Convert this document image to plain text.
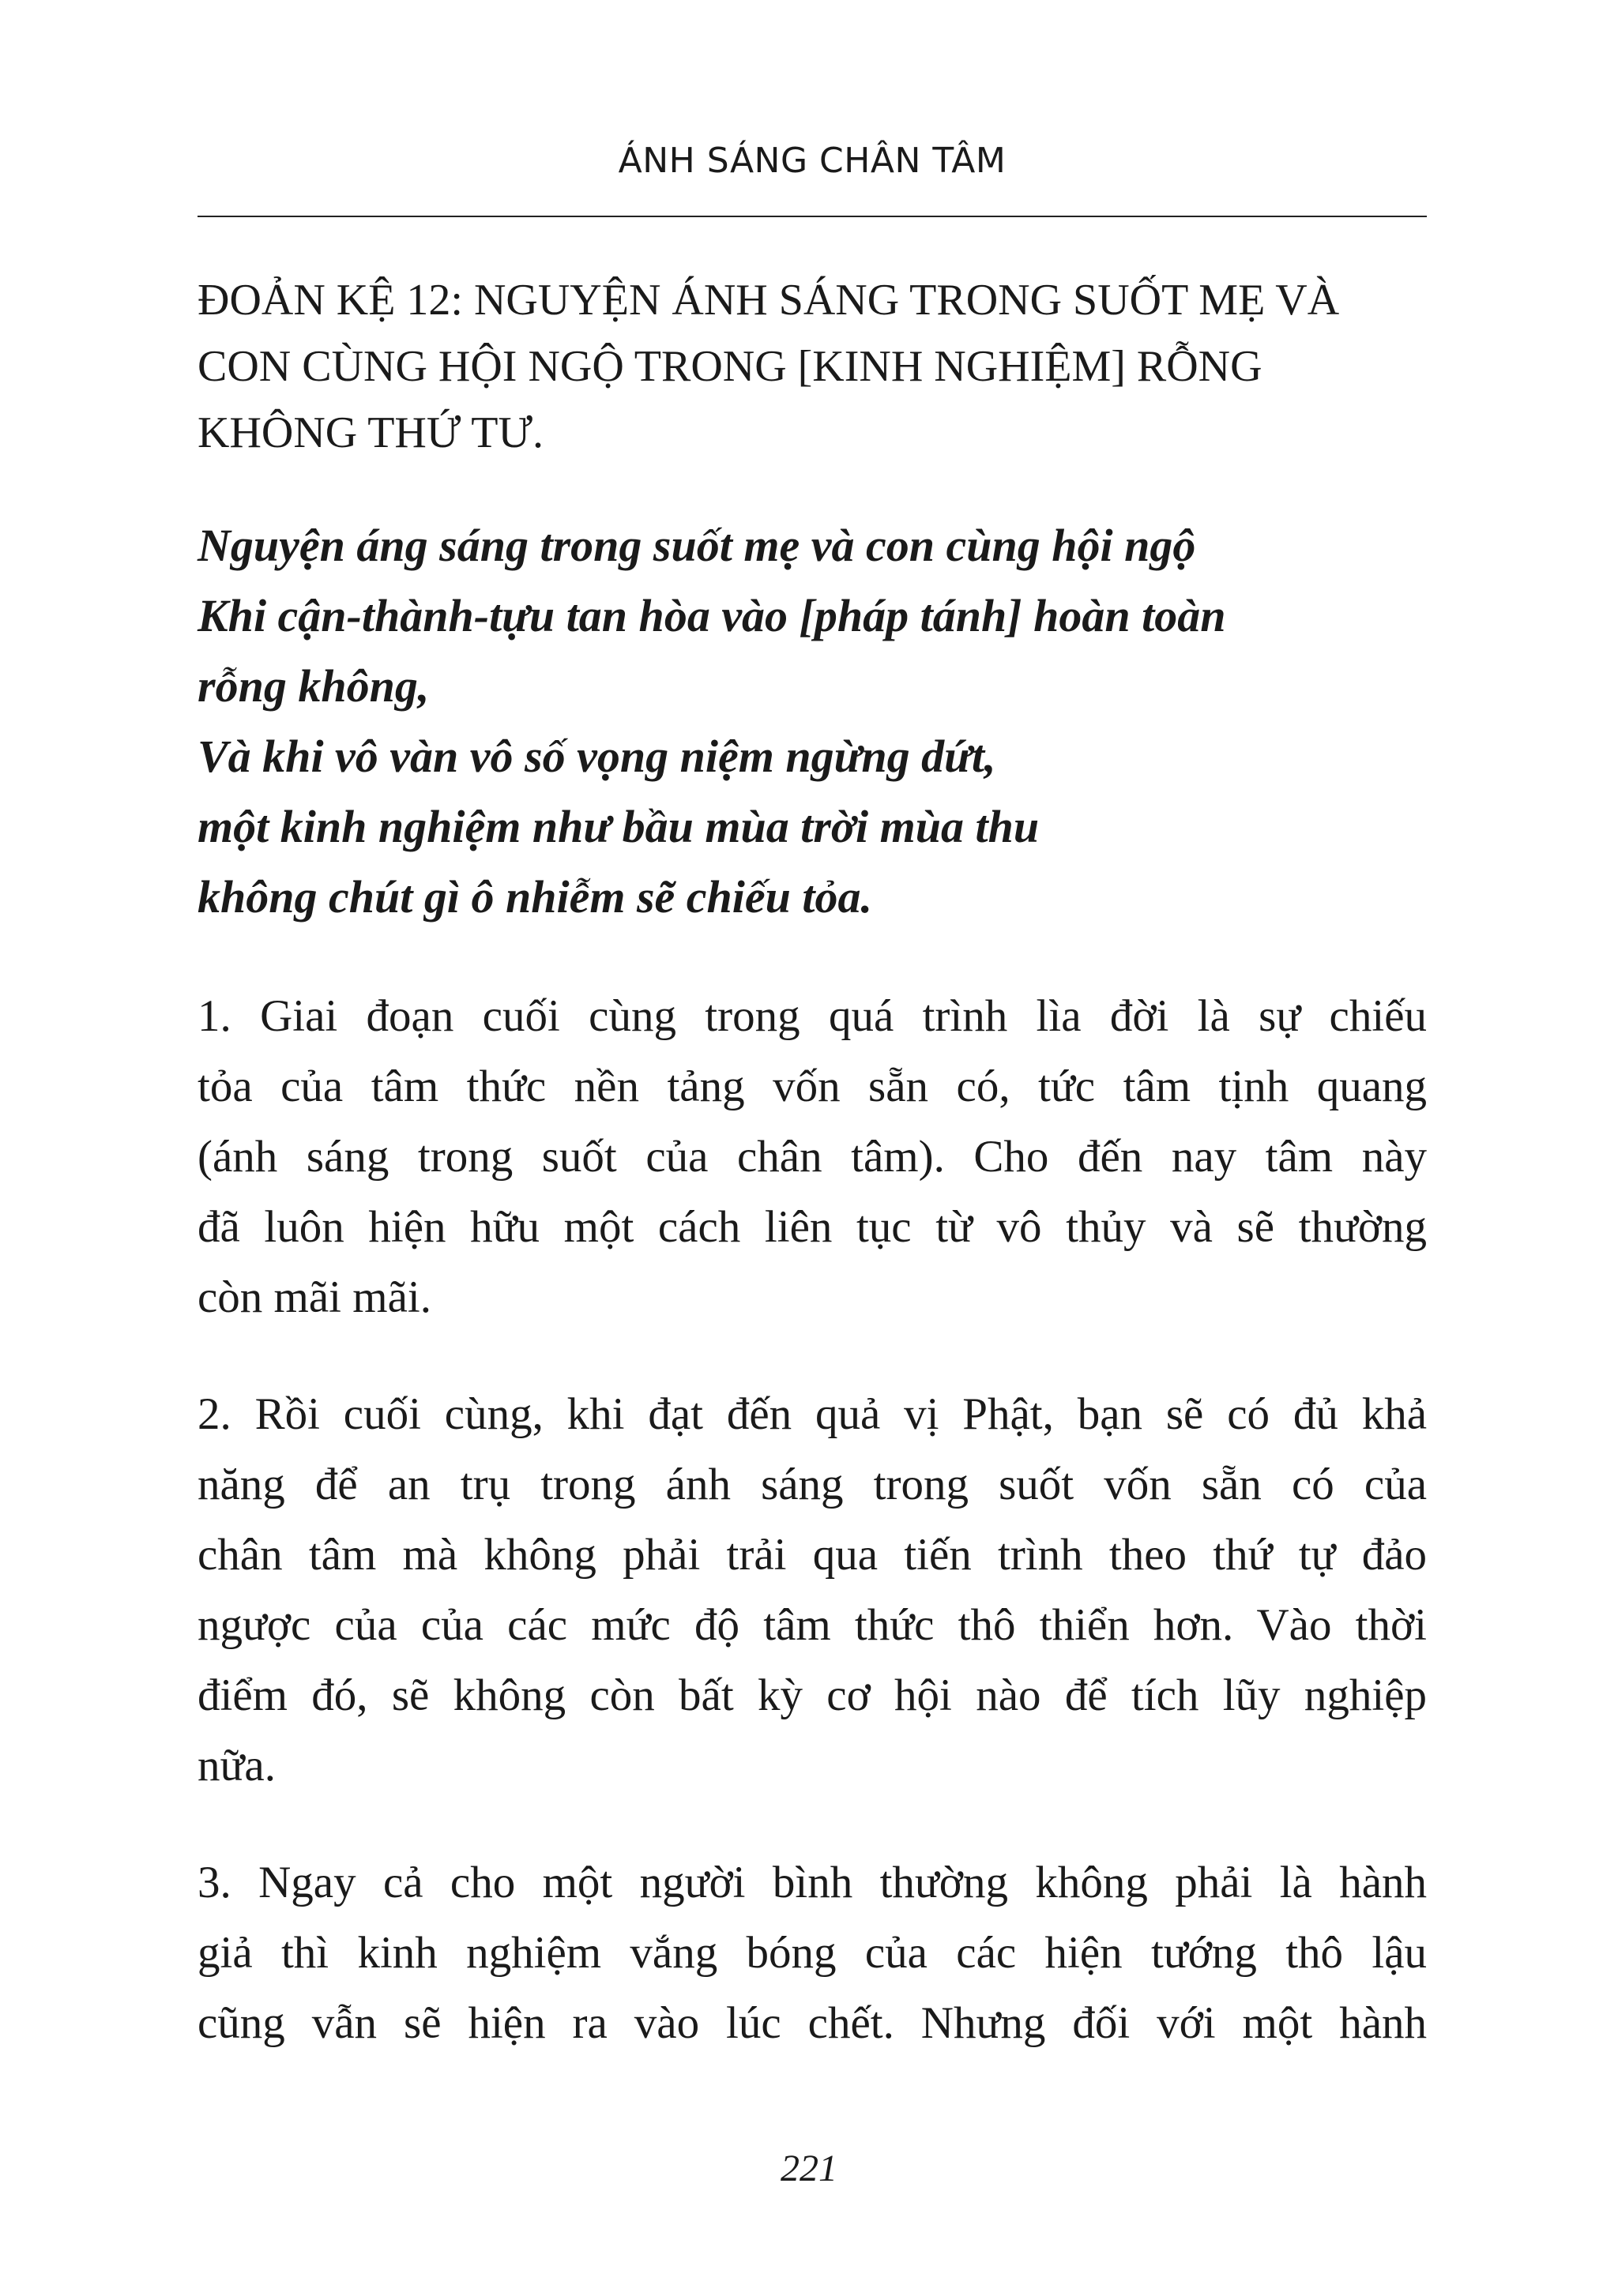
ÁNH SÁNG CHÂN TÂM
ĐOẢN KỆ 12: NGUYỆN ÁNH SÁNG TRONG SUỐT MẸ VÀ
CON CÙNG HỘI NGỘ TRONG [KINH NGHIỆM] RỖNG
KHÔNG THỨ TƯ.
Nguyện áng sáng trong suốt mẹ và con cùng hội ngộ
Khi cận-thành-tựu tan hòa vào [pháp tánh] hoàn toàn
rỗng không,
Và khi vô vàn vô số vọng niệm ngừng dứt,
một kinh nghiệm như bầu mùa trời mùa thu
không chút gì ô nhiễm sẽ chiếu tỏa.

1. Giai đoạn cuối cùng trong quá trình lìa đời là sự chiếu
tỏa của tâm thức nền tảng vốn sẵn có, tức tâm tịnh quang
(ánh sáng trong suốt của chân tâm). Cho đến nay tâm này
đã luôn hiện hữu một cách liên tục từ vô thủy và sẽ thường
còn mãi mãi.

2. Rồi cuối cùng, khi đạt đến quả vị Phật, bạn sẽ có đủ khả
năng để an trụ trong ánh sáng trong suốt vốn sẵn có của
chân tâm mà không phải trải qua tiến trình theo thứ tự đảo
ngược của của các mức độ tâm thức thô thiển hơn. Vào thời
điểm đó, sẽ không còn bất kỳ cơ hội nào để tích lũy nghiệp
nữa.

3. Ngay cả cho một người bình thường không phải là hành
giả thì kinh nghiệm vắng bóng của các hiện tướng thô lậu
cũng vẫn sẽ hiện ra vào lúc chết. Nhưng đối với một hành

221
